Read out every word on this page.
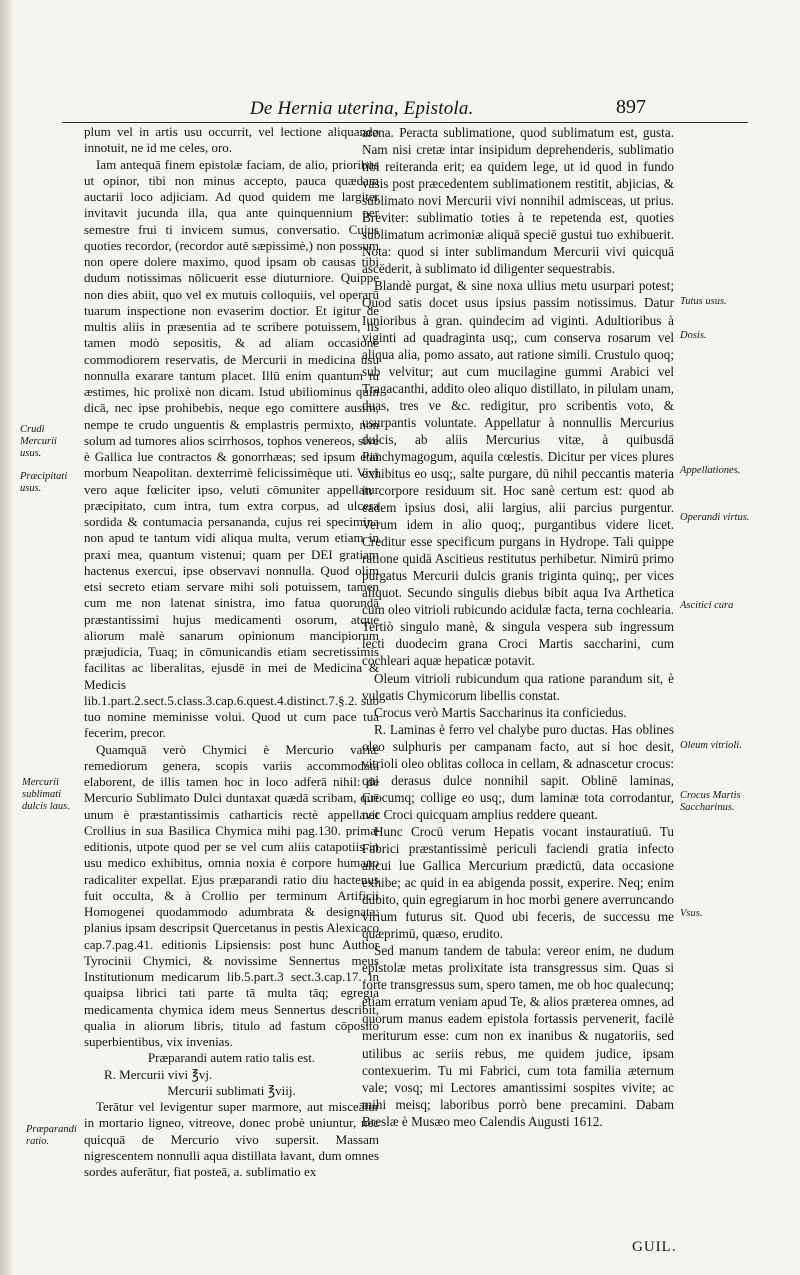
De Hernia uterina, Epistola.	897
Crudi Mercurii usus.
Præcipitati usus.
Mercurii sublimati dulcis laus.
Præparandi ratio.

plum vel in artis usu occurrit, vel lectione aliquando innotuit, ne id me celes, oro.

Iam antequā finem epistolæ faciam, de alio, prioribus ut opinor, tibi non minus accepto, pauca quædam auctarii loco adjiciam. Ad quod quidem me largiter invitavit jucunda illa, qua ante quinquennium per semestre frui ti invicem sumus, conversatio. Cujus quoties recordor, (recordor autē sæpissimè,) non possum non opere dolere maximo, quod ipsam ob causas tibi dudum notissimas nōlicuerit esse diuturniore. Quippe non dies abiit, quo vel ex mutuis colloquiis, vel operarū tuarum inspectione non evaserim doctior. Et igitur de multis aliis in præsentia ad te scribere potuissem, iis tamen modò sepositis, & ad aliam occasionē commodiorem reservatis, de Mercurii in medicina usu nonnulla exarare tantum placet. Illū enim quantum tu æstimes, hic prolixè non dicam. Istud ubiliominus quin dicā, nec ipse prohibebis, neque ego comittere ausim, nempe te crudo unguentis & emplastris permixto, non solum ad tumores alios scirrhosos, tophos venereos, sive è Gallica lue contractos & gonorrhæas; sed ipsum etiā morbum Neapolitan. dexterrimè felicissimèque uti. Vivi vero aque fœliciter ipso, veluti cōmuniter appellatur præcipitato, cum intra, tum extra corpus, ad ulcera sordida & contumacia persananda, cujus rei specimina non apud te tantum vidi aliqua multa, verum etiam in praxi mea, quantum vistenui; quam per DEI gratiam hactenus exercui, ipse observavi nonnulla. Quod olim etsi secreto etiam servare mihi soli potuissem, tamen cum me non latenat sinistra, imo fatua quorundā præstantissimi hujus medicamenti osorum, atque aliorum malè sanarum opinionum mancipiorum præjudicia, Tuaq; in cōmunicandis etiam secretissimis facilitas ac liberalitas, ejusdē in mei de Medicina & Medicis lib.1.part.2.sect.5.class.3.cap.6.quest.4.distinct.7.§.2. sub tuo nomine meminisse volui. Quod ut cum pace tua fecerim, precor.

Quamquā verò Chymici è Mercurio variæ remediorum genera, scopis variis accommodata elaborent, de illis tamen hoc in loco adferā nihil: de Mercurio Sublimato Dulci duntaxat quædā scribam, quē unum è præstantissimis catharticis rectè appellavit Crollius in sua Basilica Chymica mihi pag.130. primæ editionis, utpote quod per se vel cum aliis catapotiis in usu medico exhibitus, omnia noxia è corpore humano radicaliter expellat. Ejus præparandi ratio diu hactenus fuit occulta, & à Crollio per terminum Artificii Homogenei quodammodo adumbrata & designata: planius ipsam descripsit Quercetanus in pestis Alexicaco cap.7.pag.41. editionis Lipsiensis: post hunc Author Tyrocinii Chymici, & novissime Sennertus meus Institutionum medicarum lib.5.part.3 sect.3.cap.17. in quaipsa librici tati parte tā multa tāq; egregia medicamenta chymica idem meus Sennertus describit, qualia in aliorum libris, titulo ad fastum cōposito superbientibus, vix invenias.

Præparandi autem ratio talis est.

R. Mercurii vivi ℥vj.

Mercurii sublimati ℥viij.

Terātur vel levigentur super marmore, aut misceātur in mortario ligneo, vitreove, donec probè uniuntur, nec quicquā de Mercurio vivo supersit. Massam nigrescentem nonnulli aqua distillata lavant, dum omnes sordes auferātur, fiat posteā, a. sublimatio ex

arena. Peracta sublimatione, quod sublimatum est, gusta. Nam nisi cretæ intar insipidum deprehenderis, sublimatio tibi reiteranda erit; ea quidem lege, ut id quod in fundo vasis post præcedentem sublimationem restitit, abjicias, & sublimato novi Mercurii vivi nonnihil admisceas, ut prius. Breviter: sublimatio toties à te repetenda est, quoties sublimatum acrimoniæ aliquā speciē gustui tuo exhibuerit. Nota: quod si inter sublimandum Mercurii vivi quicquā ascēderit, à sublimato id diligenter sequestrabis.

Blandè purgat, & sine noxa ullius metu usurpari potest; Quod satis docet usus ipsius passim notissimus. Datur Iunioribus à gran. quindecim ad viginti. Adultioribus à viginti ad quadraginta usq;, cum conserva rosarum vel aliqua alia, pomo assato, aut ratione simili. Crustulo quoq; sub velvitur; aut cum mucilagine gummi Arabici vel Tragacanthi, addito oleo aliquo distillato, in pilulam unam, duas, tres ve &c. redigitur, pro scribentis voto, & usurpantis voluntate. Appellatur à nonnullis Mercurius dulcis, ab aliis Mercurius vitæ, à quibusdā Panchymagogum, aquila cœlestis. Dicitur per vices plures exhibitus eo usq;, salte purgare, dū nihil peccantis materia in corpore residuum sit. Hoc sanè certum est: quod ab eadem ipsius dosi, alii largius, alii parcius purgentur. Verum idem in alio quoq;, purgantibus videre licet. Creditur esse specificum purgans in Hydrope. Tali quippe ratione quidā Ascitieus restitutus perhibetur. Nimirū primo purgatus Mercurii dulcis granis triginta quinq;, per vices aliquot. Secundo singulis diebus bibit aqua Iva Arthetica cum oleo vitrioli rubicundo acidulæ facta, terna cochlearia. Tertiò singulo manè, & singula vespera sub ingressum lecti duodecim grana Croci Martis saccharini, cum cochleari aquæ hepaticæ potavit.

Oleum vitrioli rubicundum qua ratione parandum sit, è vulgatis Chymicorum libellis constat.

Crocus verò Martis Saccharinus ita conficiedus.

R. Laminas è ferro vel chalybe puro ductas. Has oblines oleo sulphuris per campanam facto, aut si hoc desit, vitrioli oleo oblitas colloca in cellam, & adnascetur crocus: qui derasus dulce nonnihil sapit. Oblinē laminas, Crocumq; collige eo usq;, dum laminæ tota corrodantur, nec Croci quicquam amplius reddere queant.

Hunc Crocū verum Hepatis vocant instauratiuū. Tu Fabrici præstantissimè periculi faciendi gratia infecto alicui lue Gallica Mercurium prædictū, data occasione exhibe; ac quid in ea abigenda possit, experire. Neq; enim dubito, quin egregiarum in hoc morbi genere averruncando virium futurus sit. Quod ubi feceris, de successu me quæprimū, quæso, erudito.

Sed manum tandem de tabula: vereor enim, ne dudum epistolæ metas prolixitate ista transgressus sim. Quas si forte transgressus sum, spero tamen, me ob hoc qualecunq; etiam erratum veniam apud Te, & alios præterea omnes, ad quorum manus eadem epistola fortassis pervenerit, facilè meriturum esse: cum non ex inanibus & nugatoriis, sed utilibus ac seriis rebus, me quidem judice, ipsam contexuerim. Tu mi Fabrici, cum tota familia æternum vale; vosq; mi Lectores amantissimi sospites vivite; ac mihi meisq; laboribus porrò bene precamini. Dabam Breslæ è Musæo meo Calendis Augusti 1612.

Tutus usus.
Dosis.
Appellationes.
Operandi virtus.
Ascitici cura
Oleum vitrioli.
Crocus Martis Saccharinus.
Vsus.
GUIL.
